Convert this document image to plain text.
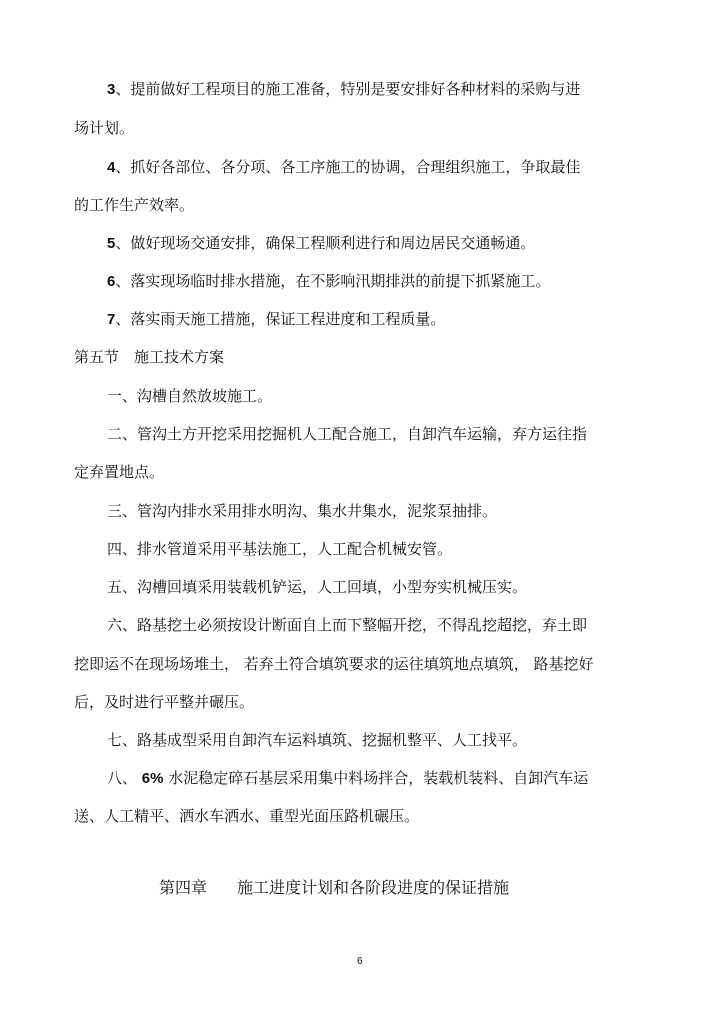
3、提前做好工程项目的施工准备，特别是要安排好各种材料的采购与进
场计划。
4、抓好各部位、各分项、各工序施工的协调，合理组织施工，争取最佳
的工作生产效率。
5、做好现场交通安排，确保工程顺利进行和周边居民交通畅通。
6、落实现场临时排水措施，在不影响汛期排洪的前提下抓紧施工。
7、落实雨天施工措施，保证工程进度和工程质量。
第五节　施工技术方案
一、沟槽自然放坡施工。
二、管沟土方开挖采用挖掘机人工配合施工，自卸汽车运输，弃方运往指
定弃置地点。
三、管沟内排水采用排水明沟、集水井集水，泥浆泵抽排。
四、排水管道采用平基法施工，人工配合机械安管。
五、沟槽回填采用装载机铲运，人工回填，小型夯实机械压实。
六、路基挖土必须按设计断面自上而下整幅开挖，不得乱挖超挖，弃土即
挖即运不在现场场堆土， 若弃土符合填筑要求的运往填筑地点填筑， 路基挖好
后，及时进行平整并碾压。
七、路基成型采用自卸汽车运料填筑、挖掘机整平、人工找平。
八、 6% 水泥稳定碎石基层采用集中料场拌合，装载机装料、自卸汽车运
送、人工精平、洒水车洒水、重型光面压路机碾压。
第四章 施工进度计划和各阶段进度的保证措施
6
